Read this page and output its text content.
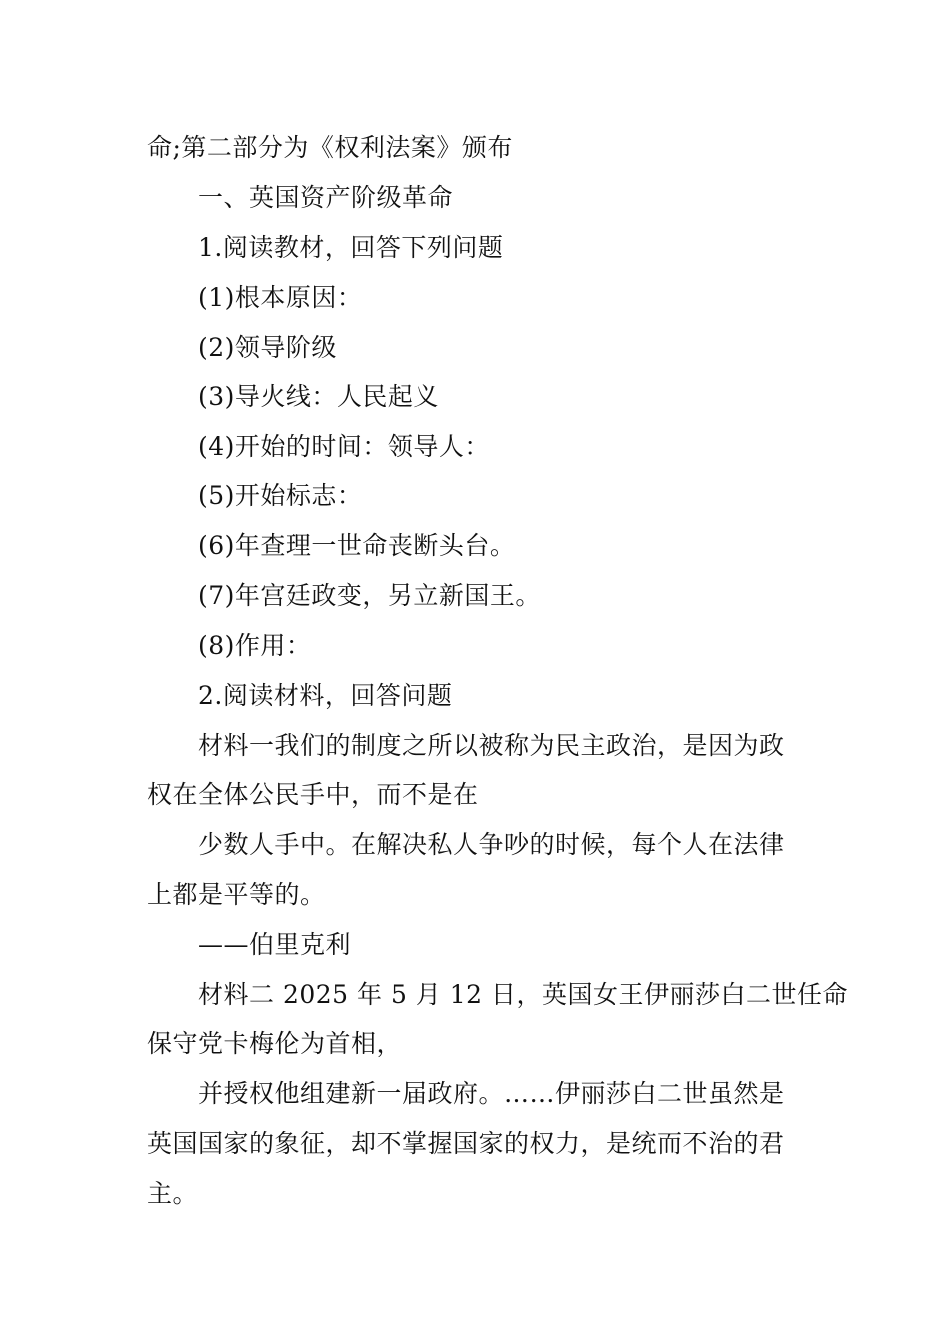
命;第二部分为《权利法案》颁布
一、英国资产阶级革命
1.阅读教材，回答下列问题
(1)根本原因：
(2)领导阶级
(3)导火线：人民起义
(4)开始的时间：领导人：
(5)开始标志：
(6)年查理一世命丧断头台。
(7)年宫廷政变，另立新国王。
(8)作用：
2.阅读材料，回答问题
材料一我们的制度之所以被称为民主政治，是因为政
权在全体公民手中，而不是在
少数人手中。在解决私人争吵的时候，每个人在法律
上都是平等的。
——伯里克利
材料二 2025 年 5 月 12 日，英国女王伊丽莎白二世任命
保守党卡梅伦为首相，
并授权他组建新一届政府。……伊丽莎白二世虽然是
英国国家的象征，却不掌握国家的权力，是统而不治的君
主。
